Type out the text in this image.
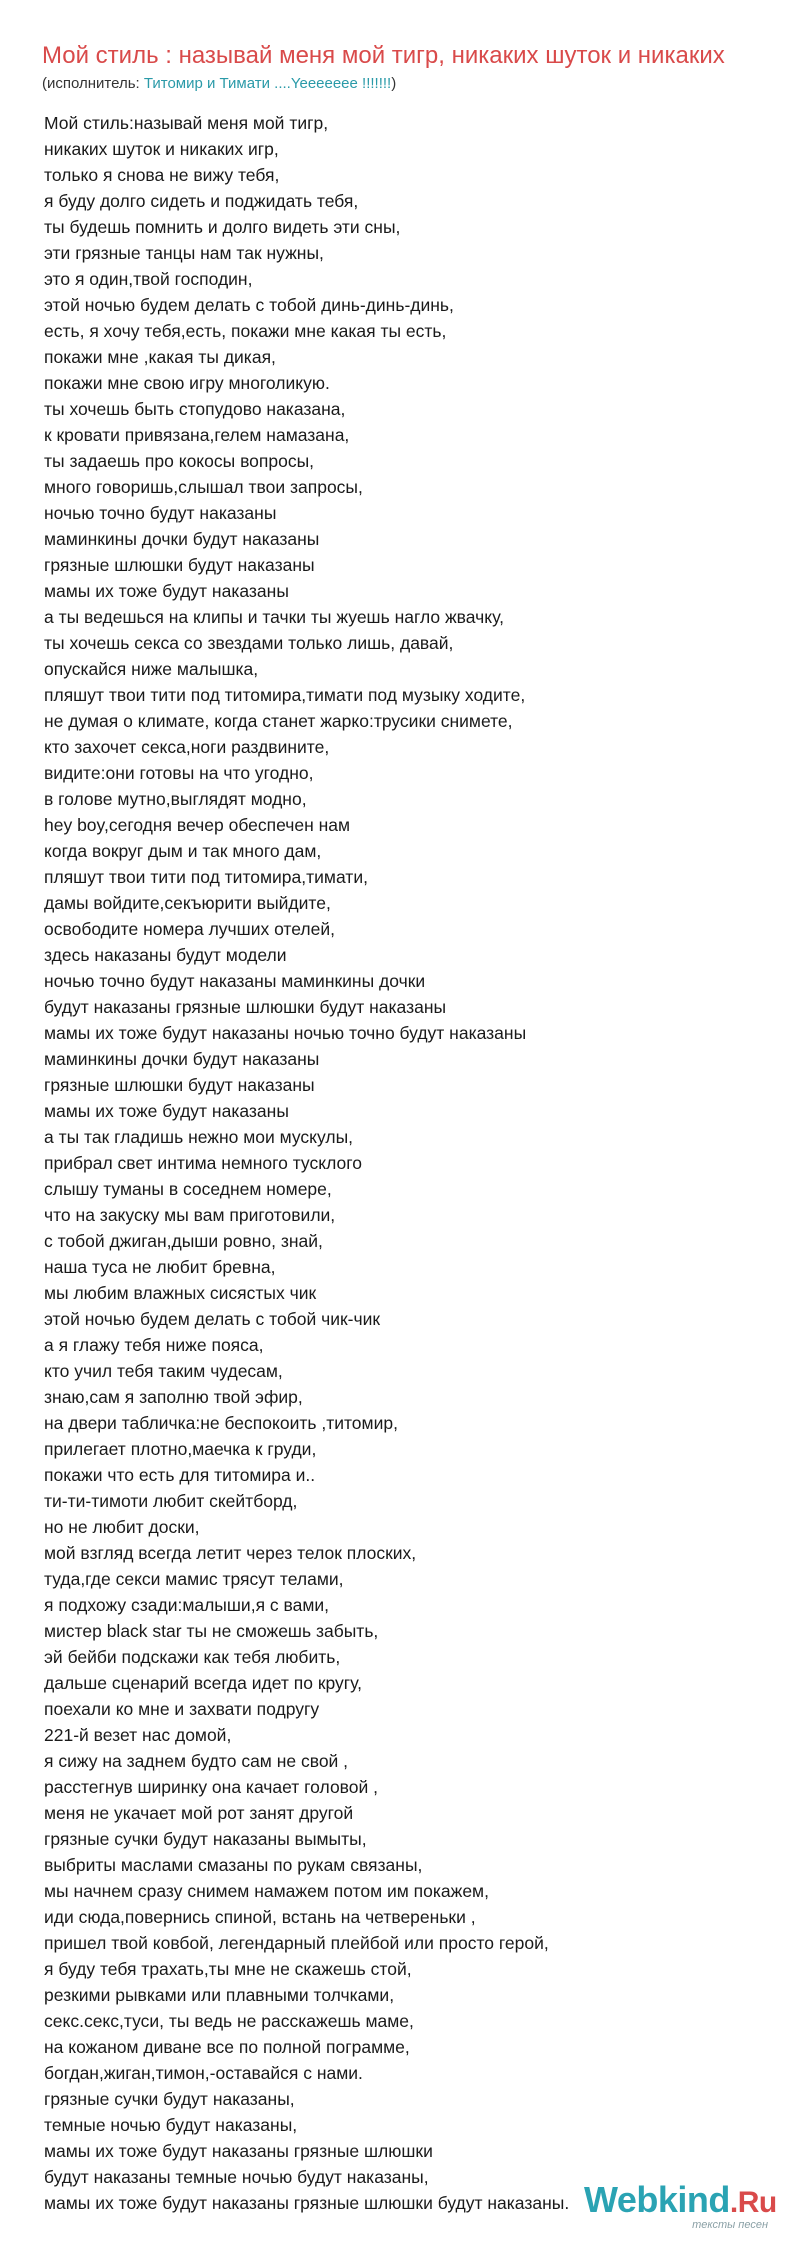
Мой стиль : называй меня мой тигр, никаких шуток и никаких
(исполнитель: Титомир и Тимати ....Yeeeeeee !!!!!!!)
Мой стиль:называй меня мой тигр,
никаких шуток и никаких игр,
только я снова не вижу тебя,
я буду долго сидеть и поджидать тебя,
ты будешь помнить и долго видеть эти сны,
эти грязные танцы нам так нужны,
это я один,твой господин,
этой ночью будем делать с тобой динь-динь-динь,
есть, я хочу тебя,есть, покажи мне какая ты есть,
покажи мне ,какая ты дикая,
покажи мне свою игру многоликую.
ты хочешь быть стопудово наказана,
к кровати привязана,гелем намазана,
ты задаешь про кокосы вопросы,
много говоришь,слышал твои запросы,
ночью точно будут наказаны
маминкины дочки будут наказаны
грязные шлюшки будут наказаны
мамы их тоже будут наказаны
а ты ведешься на клипы и тачки ты жуешь нагло жвачку,
ты хочешь секса со звездами только лишь, давай,
опускайся ниже малышка,
пляшут твои тити под титомира,тимати под музыку ходите,
не думая о климате, когда станет жарко:трусики снимете,
кто захочет секса,ноги раздвините,
видите:они готовы на что угодно,
в голове мутно,выглядят модно,
hey boy,сегодня вечер обеспечен нам
когда вокруг дым и так много дам,
пляшут твои тити под титомира,тимати,
дамы войдите,секъюрити выйдите,
освободите номера лучших отелей,
здесь наказаны будут модели
ночью точно будут наказаны маминкины дочки
будут наказаны грязные шлюшки будут наказаны
мамы их тоже будут наказаны ночью точно будут наказаны
маминкины дочки будут наказаны
грязные шлюшки будут наказаны
мамы их тоже будут наказаны
а ты так гладишь нежно мои мускулы,
прибрал свет интима немного тусклого
слышу туманы в соседнем номере,
что на закуску мы вам приготовили,
с тобой джиган,дыши ровно, знай,
наша туса не любит бревна,
мы любим влажных сисястых чик
этой ночью будем делать с тобой чик-чик
а я глажу тебя ниже пояса,
кто учил тебя таким чудесам,
знаю,сам я заполню твой эфир,
на двери табличка:не беспокоить ,титомир,
прилегает плотно,маечка к груди,
покажи что есть для титомира и..
ти-ти-тимоти любит скейтборд,
но не любит доски,
мой взгляд всегда летит через телок плоских,
туда,где секси мамис трясут телами,
я подхожу сзади:малыши,я с вами,
мистер black star ты не сможешь забыть,
эй бейби подскажи как тебя любить,
дальше сценарий всегда идет по кругу,
поехали ко мне и захвати подругу
221-й везет нас домой,
я сижу на заднем будто сам не свой ,
расстегнув ширинку она качает головой ,
меня не укачает мой рот занят другой
грязные сучки будут наказаны вымыты,
выбриты маслами смазаны по рукам связаны,
мы начнем сразу снимем намажем потом им покажем,
иди сюда,повернись спиной, встань на четвереньки ,
пришел твой ковбой, легендарный плейбой или просто герой,
я буду тебя трахать,ты мне не скажешь стой,
резкими рывками или плавными толчками,
секс.секс,туси, ты ведь не расскажешь маме,
на кожаном диване все по полной пограмме,
богдан,жиган,тимон,-оставайся с нами.
грязные сучки будут наказаны,
темные ночью будут наказаны,
мамы их тоже будут наказаны грязные шлюшки
будут наказаны темные ночью будут наказаны,
мамы их тоже будут наказаны грязные шлюшки будут наказаны. Webkind.Ru
тексты песен
